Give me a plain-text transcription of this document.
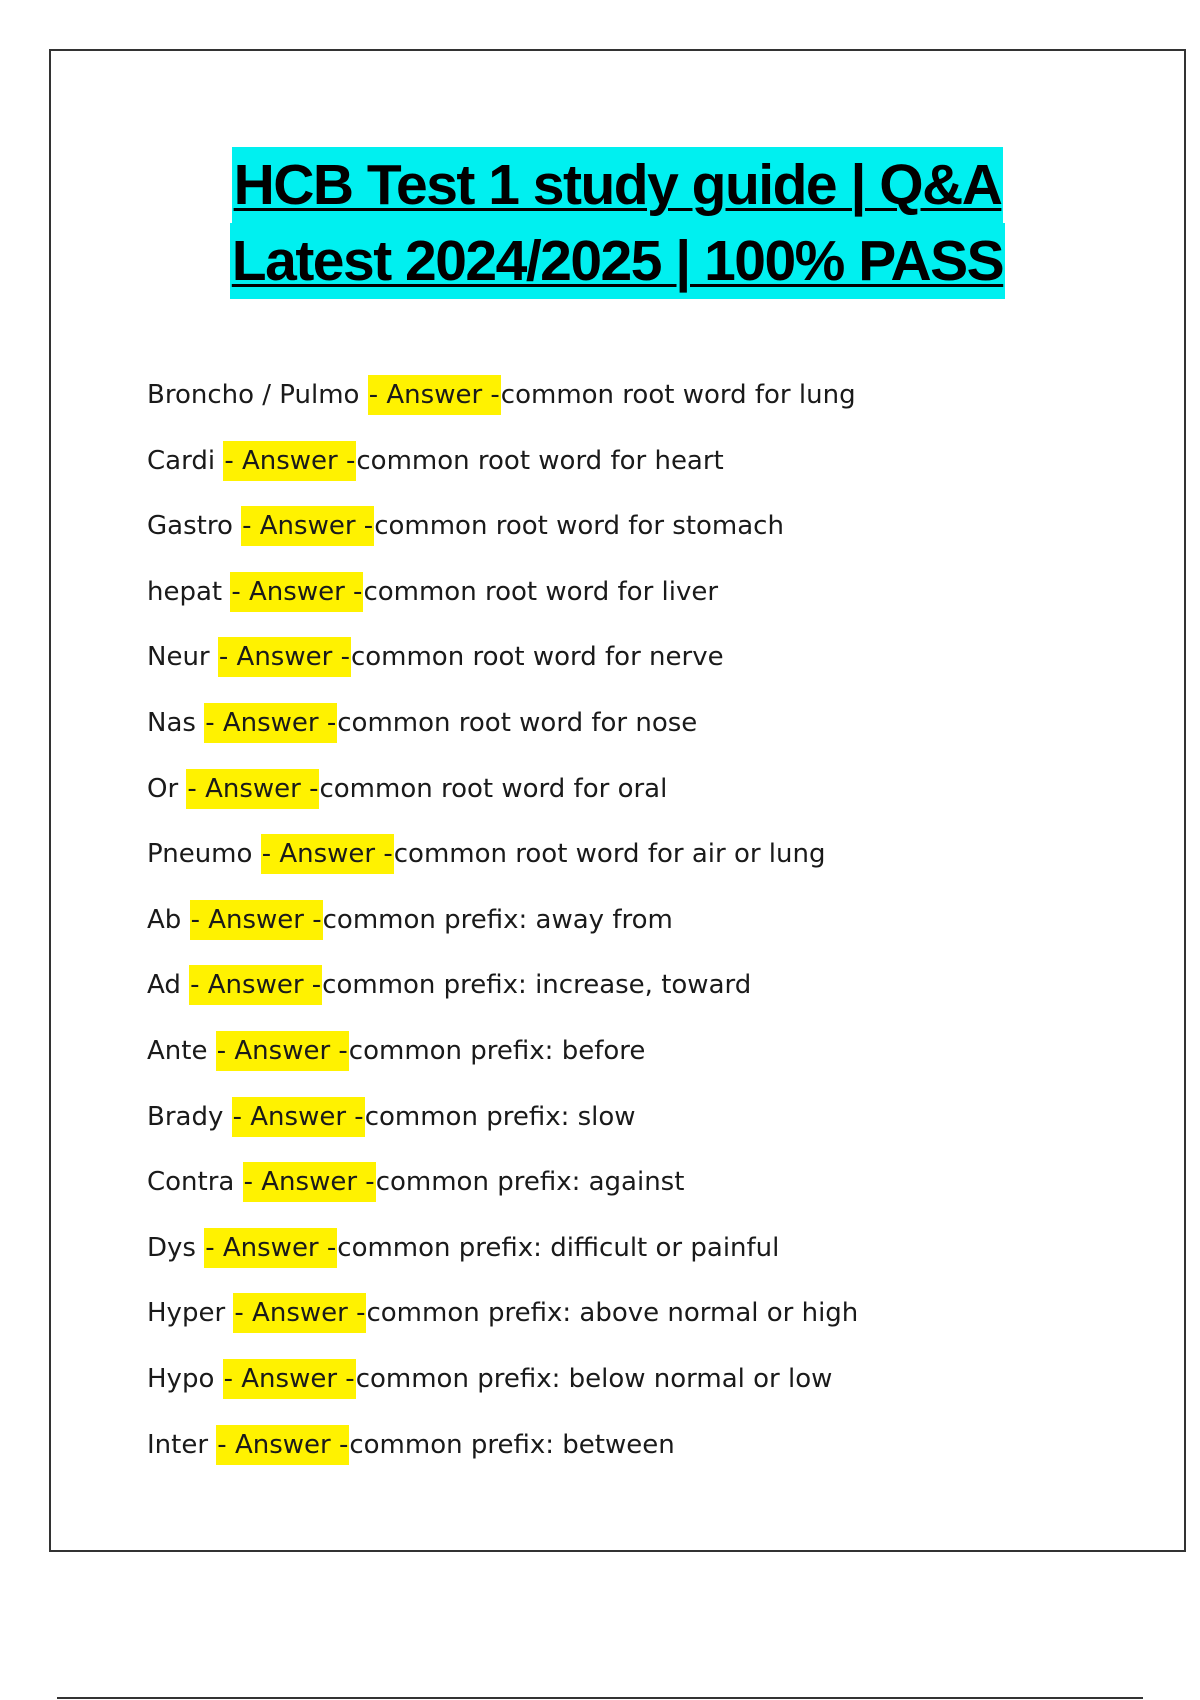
HCB Test 1 study guide | Q&A
Latest 2024/2025 | 100% PASS
Broncho / Pulmo - Answer -common root word for lung
Cardi - Answer -common root word for heart
Gastro - Answer -common root word for stomach
hepat - Answer -common root word for liver
Neur - Answer -common root word for nerve
Nas - Answer -common root word for nose
Or - Answer -common root word for oral
Pneumo - Answer -common root word for air or lung
Ab - Answer -common prefix: away from
Ad - Answer -common prefix: increase, toward
Ante - Answer -common prefix: before
Brady - Answer -common prefix: slow
Contra - Answer -common prefix: against
Dys - Answer -common prefix: difficult or painful
Hyper - Answer -common prefix: above normal or high
Hypo - Answer -common prefix: below normal or low
Inter - Answer -common prefix: between
